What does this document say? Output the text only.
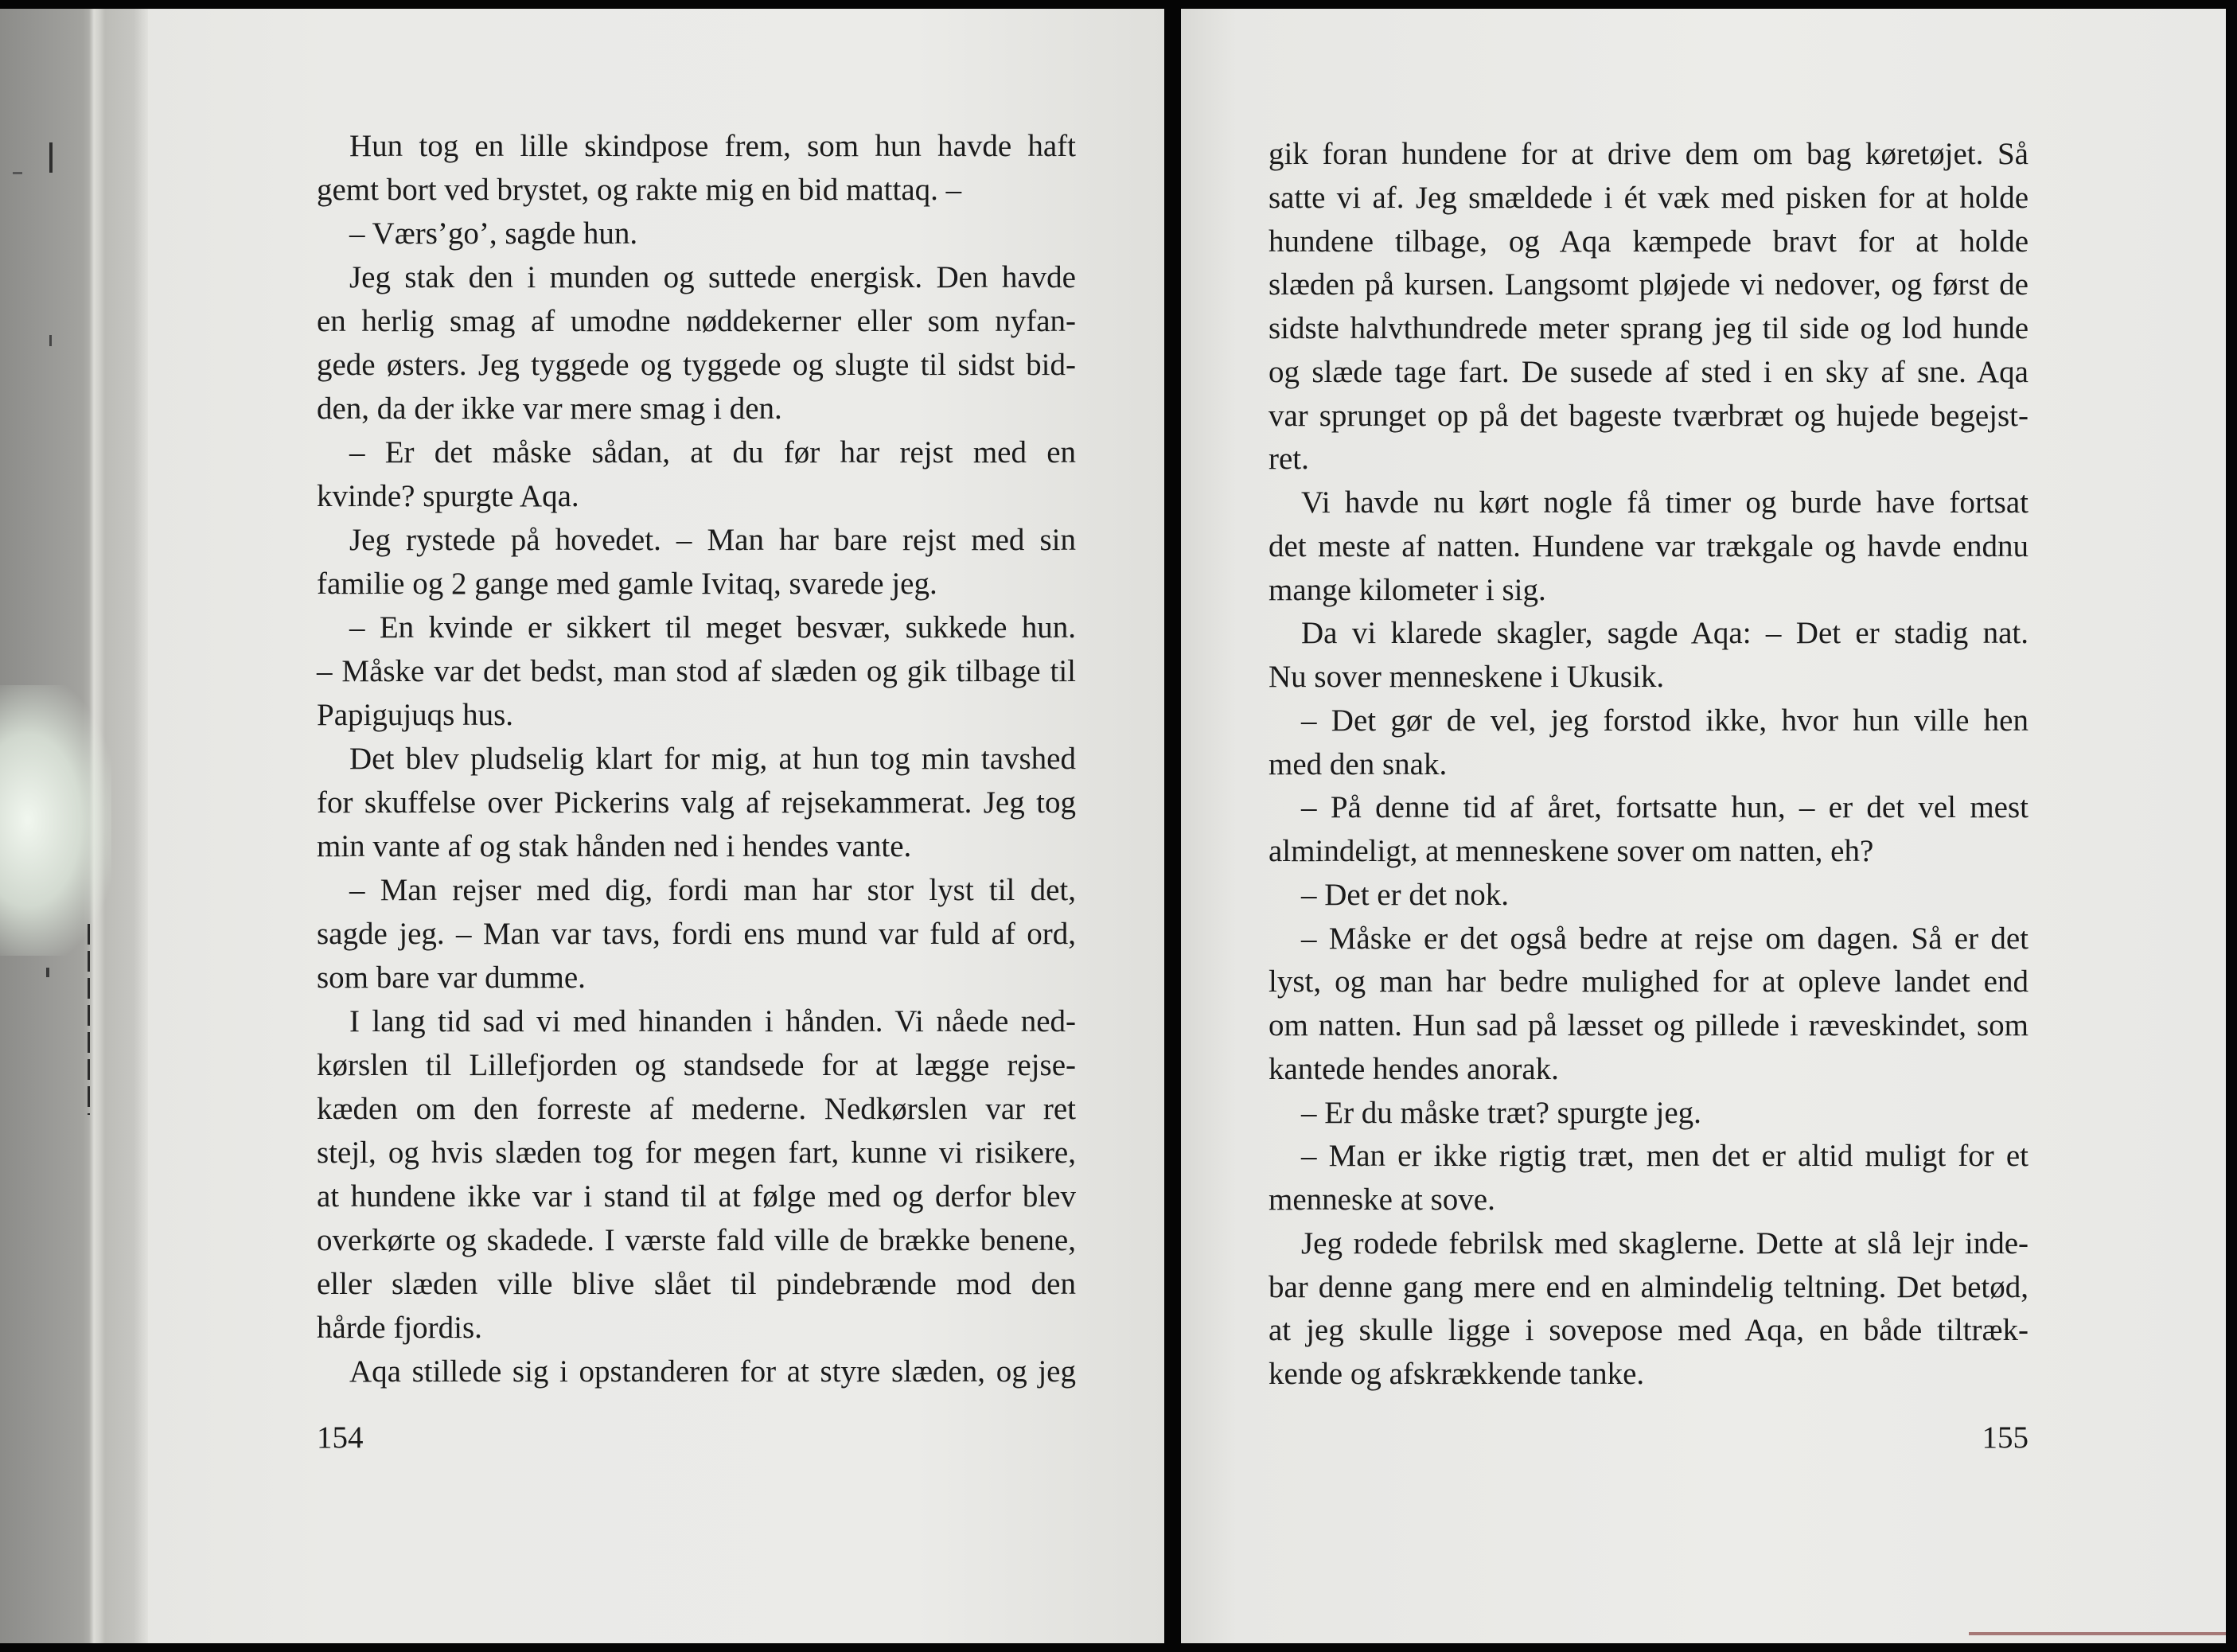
Hun tog en lille skindpose frem, som hun havde haft
gemt bort ved brystet, og rakte mig en bid mattaq. –
– Værs’go’, sagde hun.
Jeg stak den i munden og suttede energisk. Den havde
en herlig smag af umodne nøddekerner eller som nyfan-
gede østers. Jeg tyggede og tyggede og slugte til sidst bid-
den, da der ikke var mere smag i den.
– Er det måske sådan, at du før har rejst med en
kvinde? spurgte Aqa.
Jeg rystede på hovedet. – Man har bare rejst med sin
familie og 2 gange med gamle Ivitaq, svarede jeg.
– En kvinde er sikkert til meget besvær, sukkede hun.
– Måske var det bedst, man stod af slæden og gik tilbage til
Papigujuqs hus.
Det blev pludselig klart for mig, at hun tog min tavshed
for skuffelse over Pickerins valg af rejsekammerat. Jeg tog
min vante af og stak hånden ned i hendes vante.
– Man rejser med dig, fordi man har stor lyst til det,
sagde jeg. – Man var tavs, fordi ens mund var fuld af ord,
som bare var dumme.
I lang tid sad vi med hinanden i hånden. Vi nåede ned-
kørslen til Lillefjorden og standsede for at lægge rejse-
kæden om den forreste af mederne. Nedkørslen var ret
stejl, og hvis slæden tog for megen fart, kunne vi risikere,
at hundene ikke var i stand til at følge med og derfor blev
overkørte og skadede. I værste fald ville de brække benene,
eller slæden ville blive slået til pindebrænde mod den
hårde fjordis.
Aqa stillede sig i opstanderen for at styre slæden, og jeg
154
gik foran hundene for at drive dem om bag køretøjet. Så
satte vi af. Jeg smældede i ét væk med pisken for at holde
hundene tilbage, og Aqa kæmpede bravt for at holde
slæden på kursen. Langsomt pløjede vi nedover, og først de
sidste halvthundrede meter sprang jeg til side og lod hunde
og slæde tage fart. De susede af sted i en sky af sne. Aqa
var sprunget op på det bageste tværbræt og hujede begejst-
ret.
Vi havde nu kørt nogle få timer og burde have fortsat
det meste af natten. Hundene var trækgale og havde endnu
mange kilometer i sig.
Da vi klarede skagler, sagde Aqa: – Det er stadig nat.
Nu sover menneskene i Ukusik.
– Det gør de vel, jeg forstod ikke, hvor hun ville hen
med den snak.
– På denne tid af året, fortsatte hun, – er det vel mest
almindeligt, at menneskene sover om natten, eh?
– Det er det nok.
– Måske er det også bedre at rejse om dagen. Så er det
lyst, og man har bedre mulighed for at opleve landet end
om natten. Hun sad på læsset og pillede i ræveskindet, som
kantede hendes anorak.
– Er du måske træt? spurgte jeg.
– Man er ikke rigtig træt, men det er altid muligt for et
menneske at sove.
Jeg rodede febrilsk med skaglerne. Dette at slå lejr inde-
bar denne gang mere end en almindelig teltning. Det betød,
at jeg skulle ligge i sovepose med Aqa, en både tiltræk-
kende og afskrækkende tanke.
155
